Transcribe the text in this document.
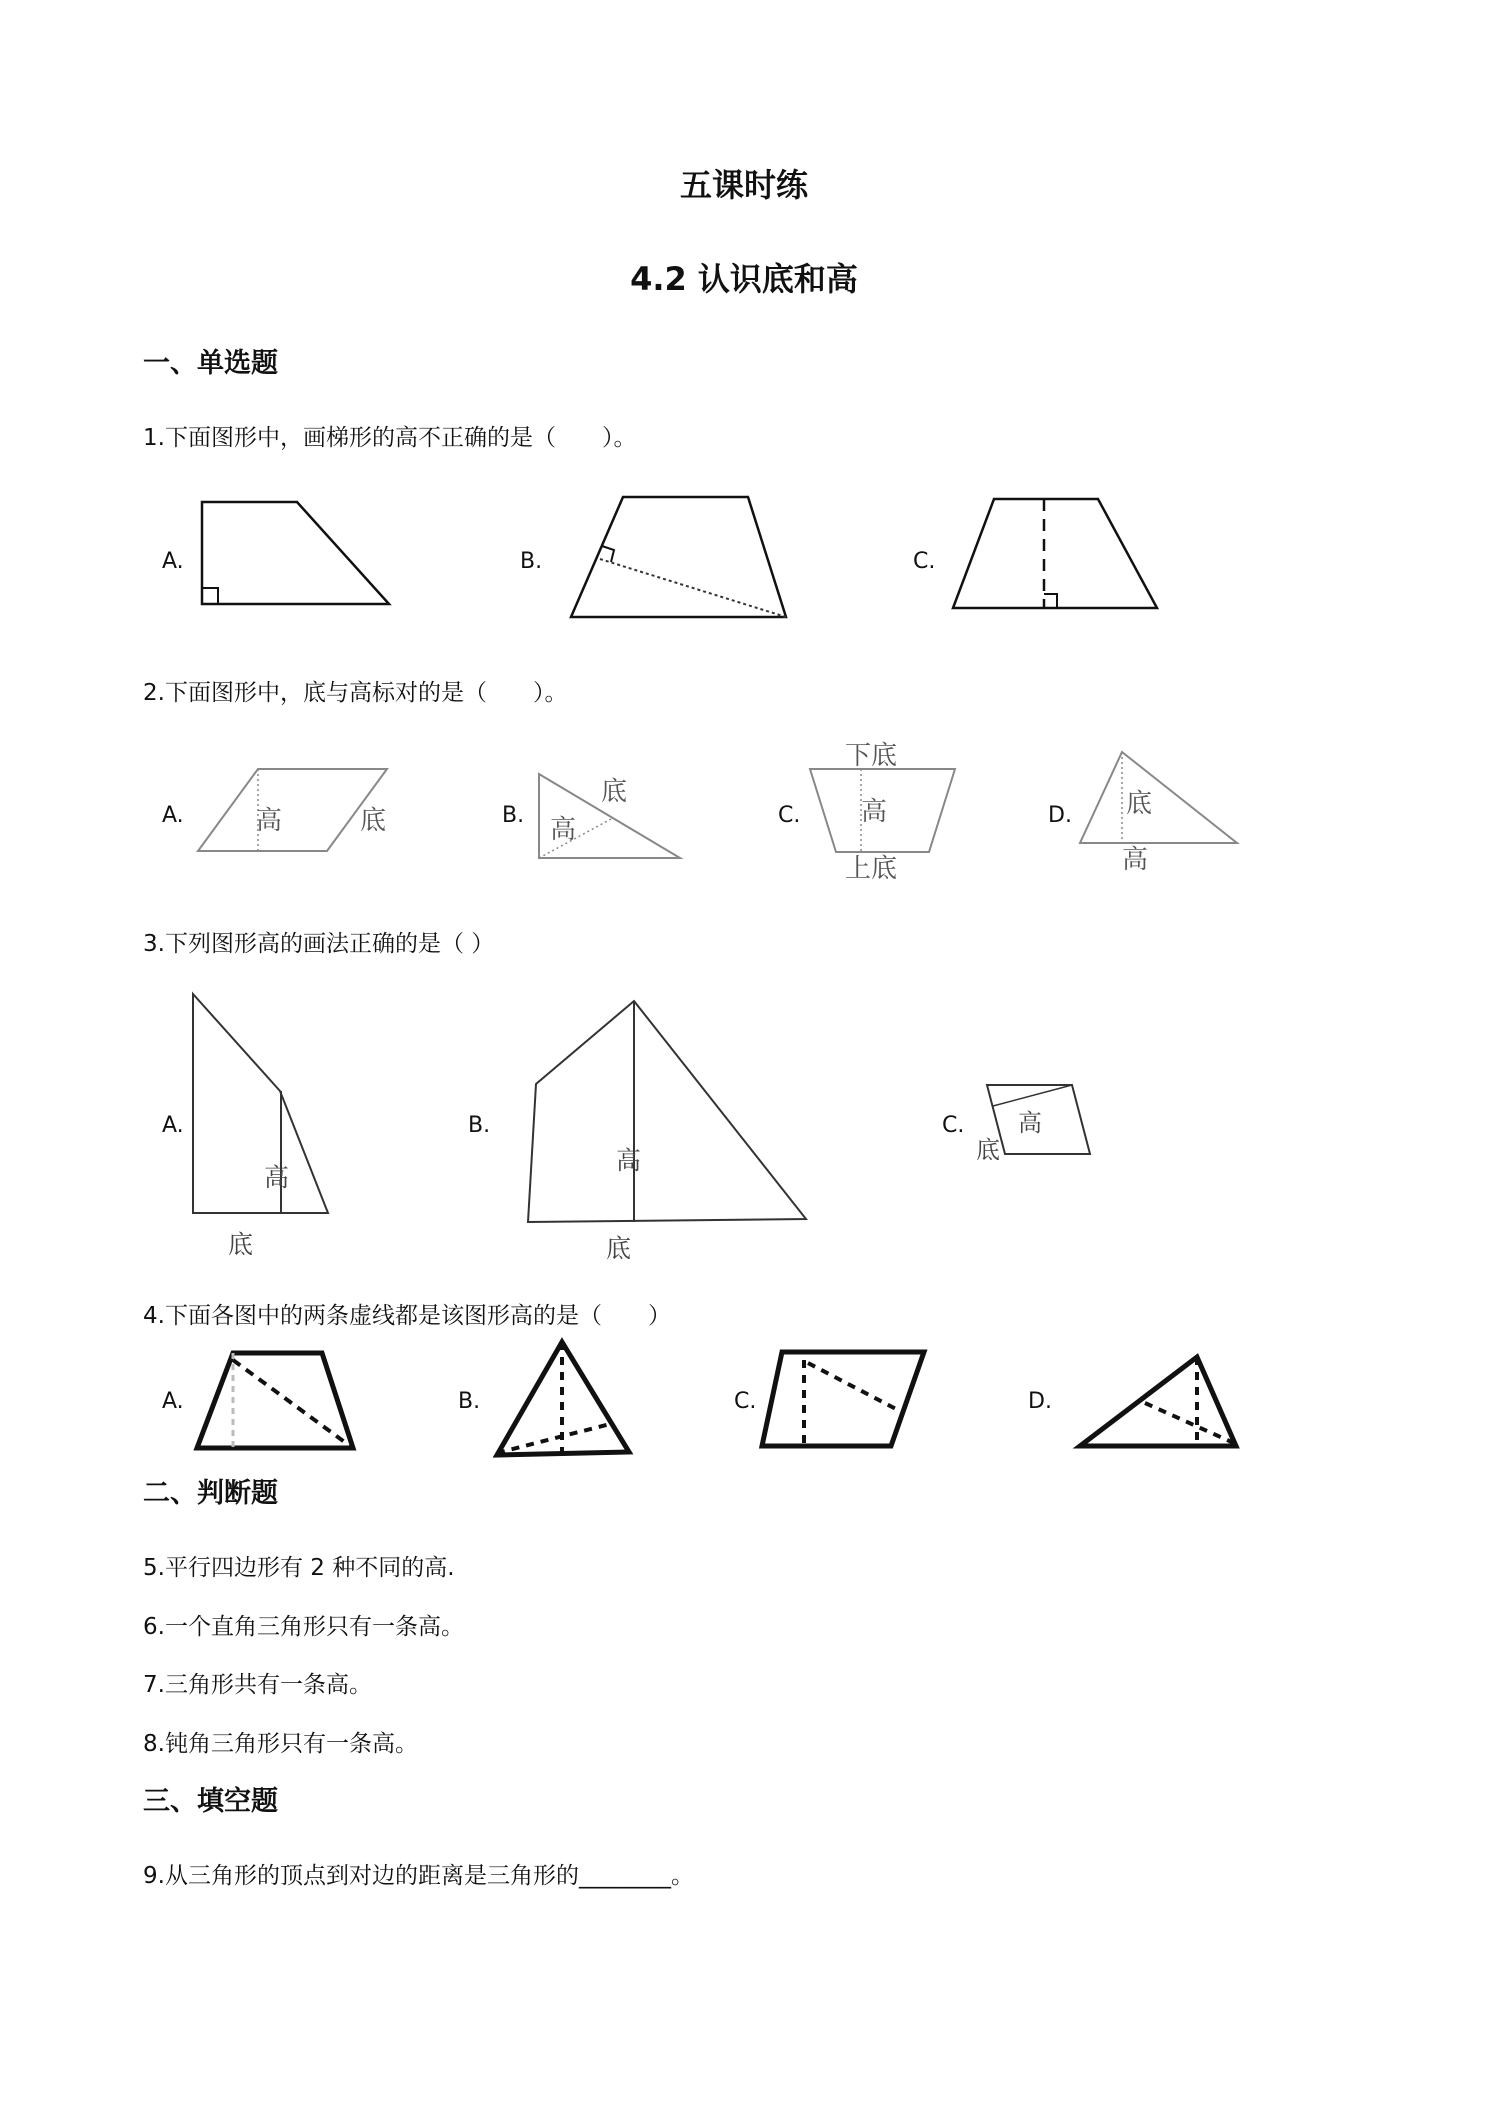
五课时练
4.2 认识底和高
一、单选题
1.下面图形中，画梯形的高不正确的是（　　）。
A.	B.	C.
2.下面图形中，底与高标对的是（　　）。
A.	B.	C.	D.
高	底	高
底
下底
高
上底
底
高
3.下列图形高的画法正确的是（ ）
A.	B.	C.
高
底
高
底
高
底
4.下面各图中的两条虚线都是该图形高的是（　　）
A.	B.	C.	D.
二、判断题
5.平行四边形有 2 种不同的高.
6.一个直角三角形只有一条高。
7.三角形共有一条高。
8.钝角三角形只有一条高。
三、填空题
9.从三角形的顶点到对边的距离是三角形的________。
